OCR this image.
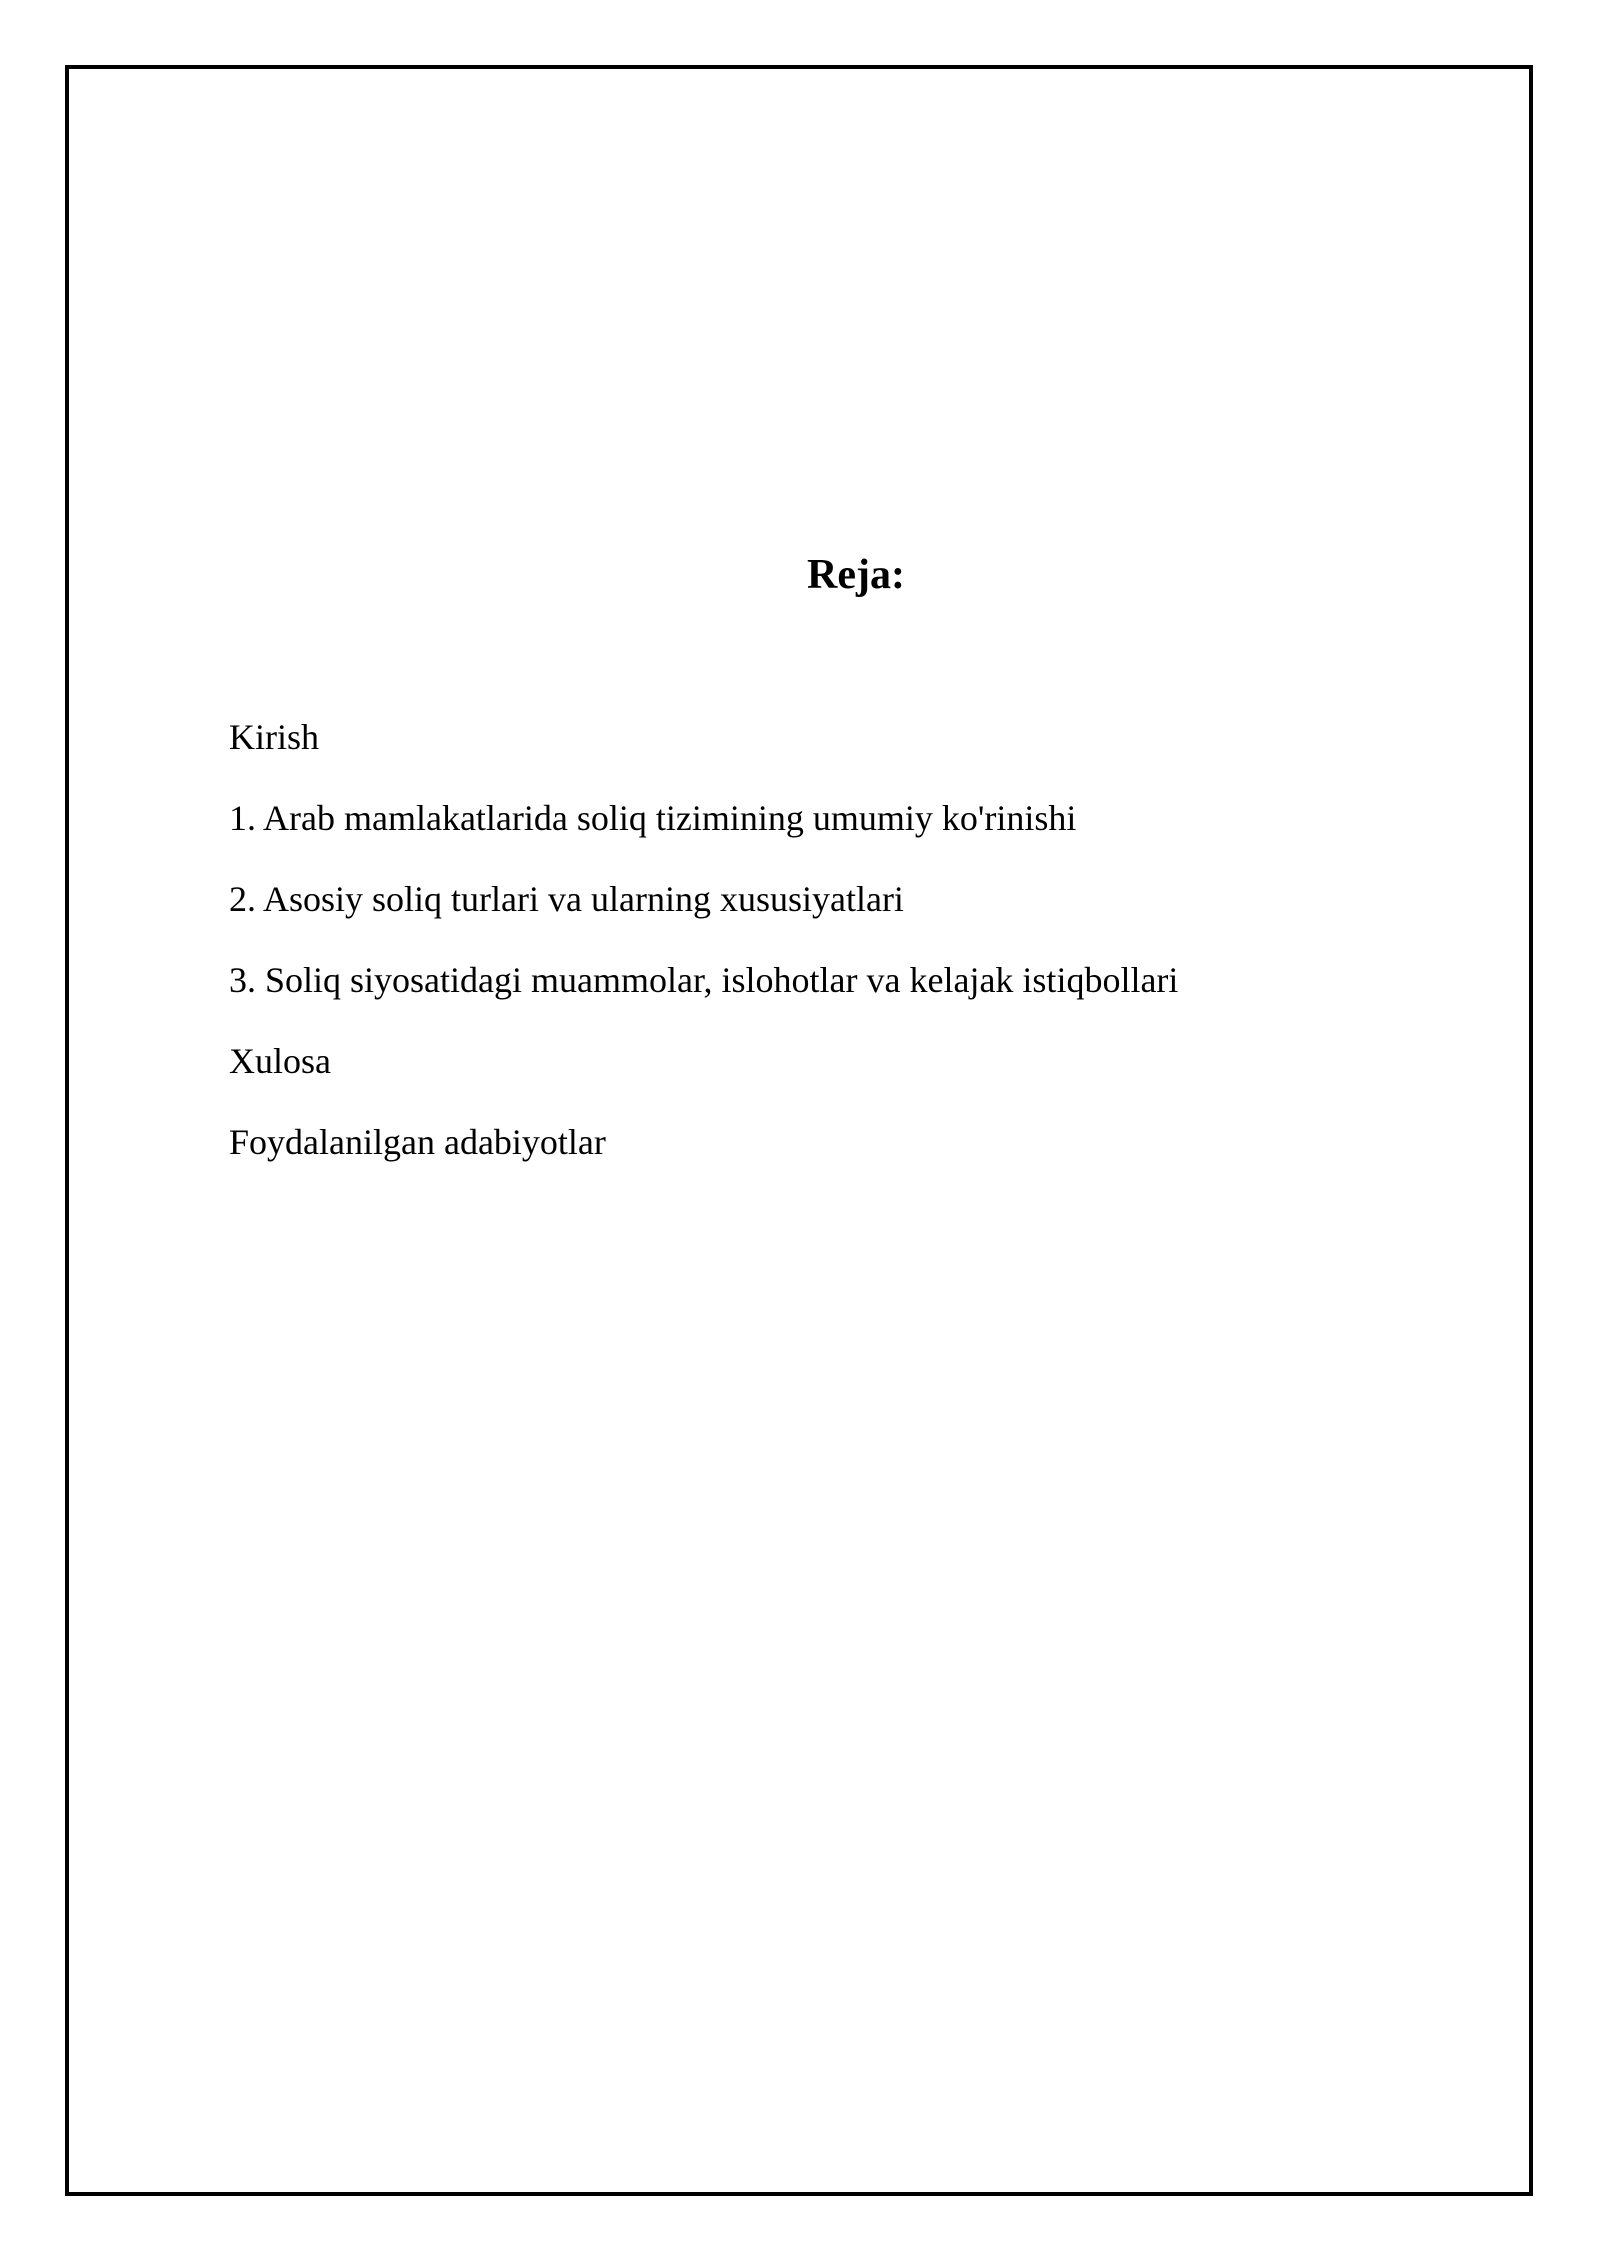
Reja:
Kirish
1. Arab mamlakatlarida soliq tizimining umumiy ko'rinishi
2. Asosiy soliq turlari va ularning xususiyatlari
3. Soliq siyosatidagi muammolar, islohotlar va kelajak istiqbollari
Xulosa
Foydalanilgan adabiyotlar
